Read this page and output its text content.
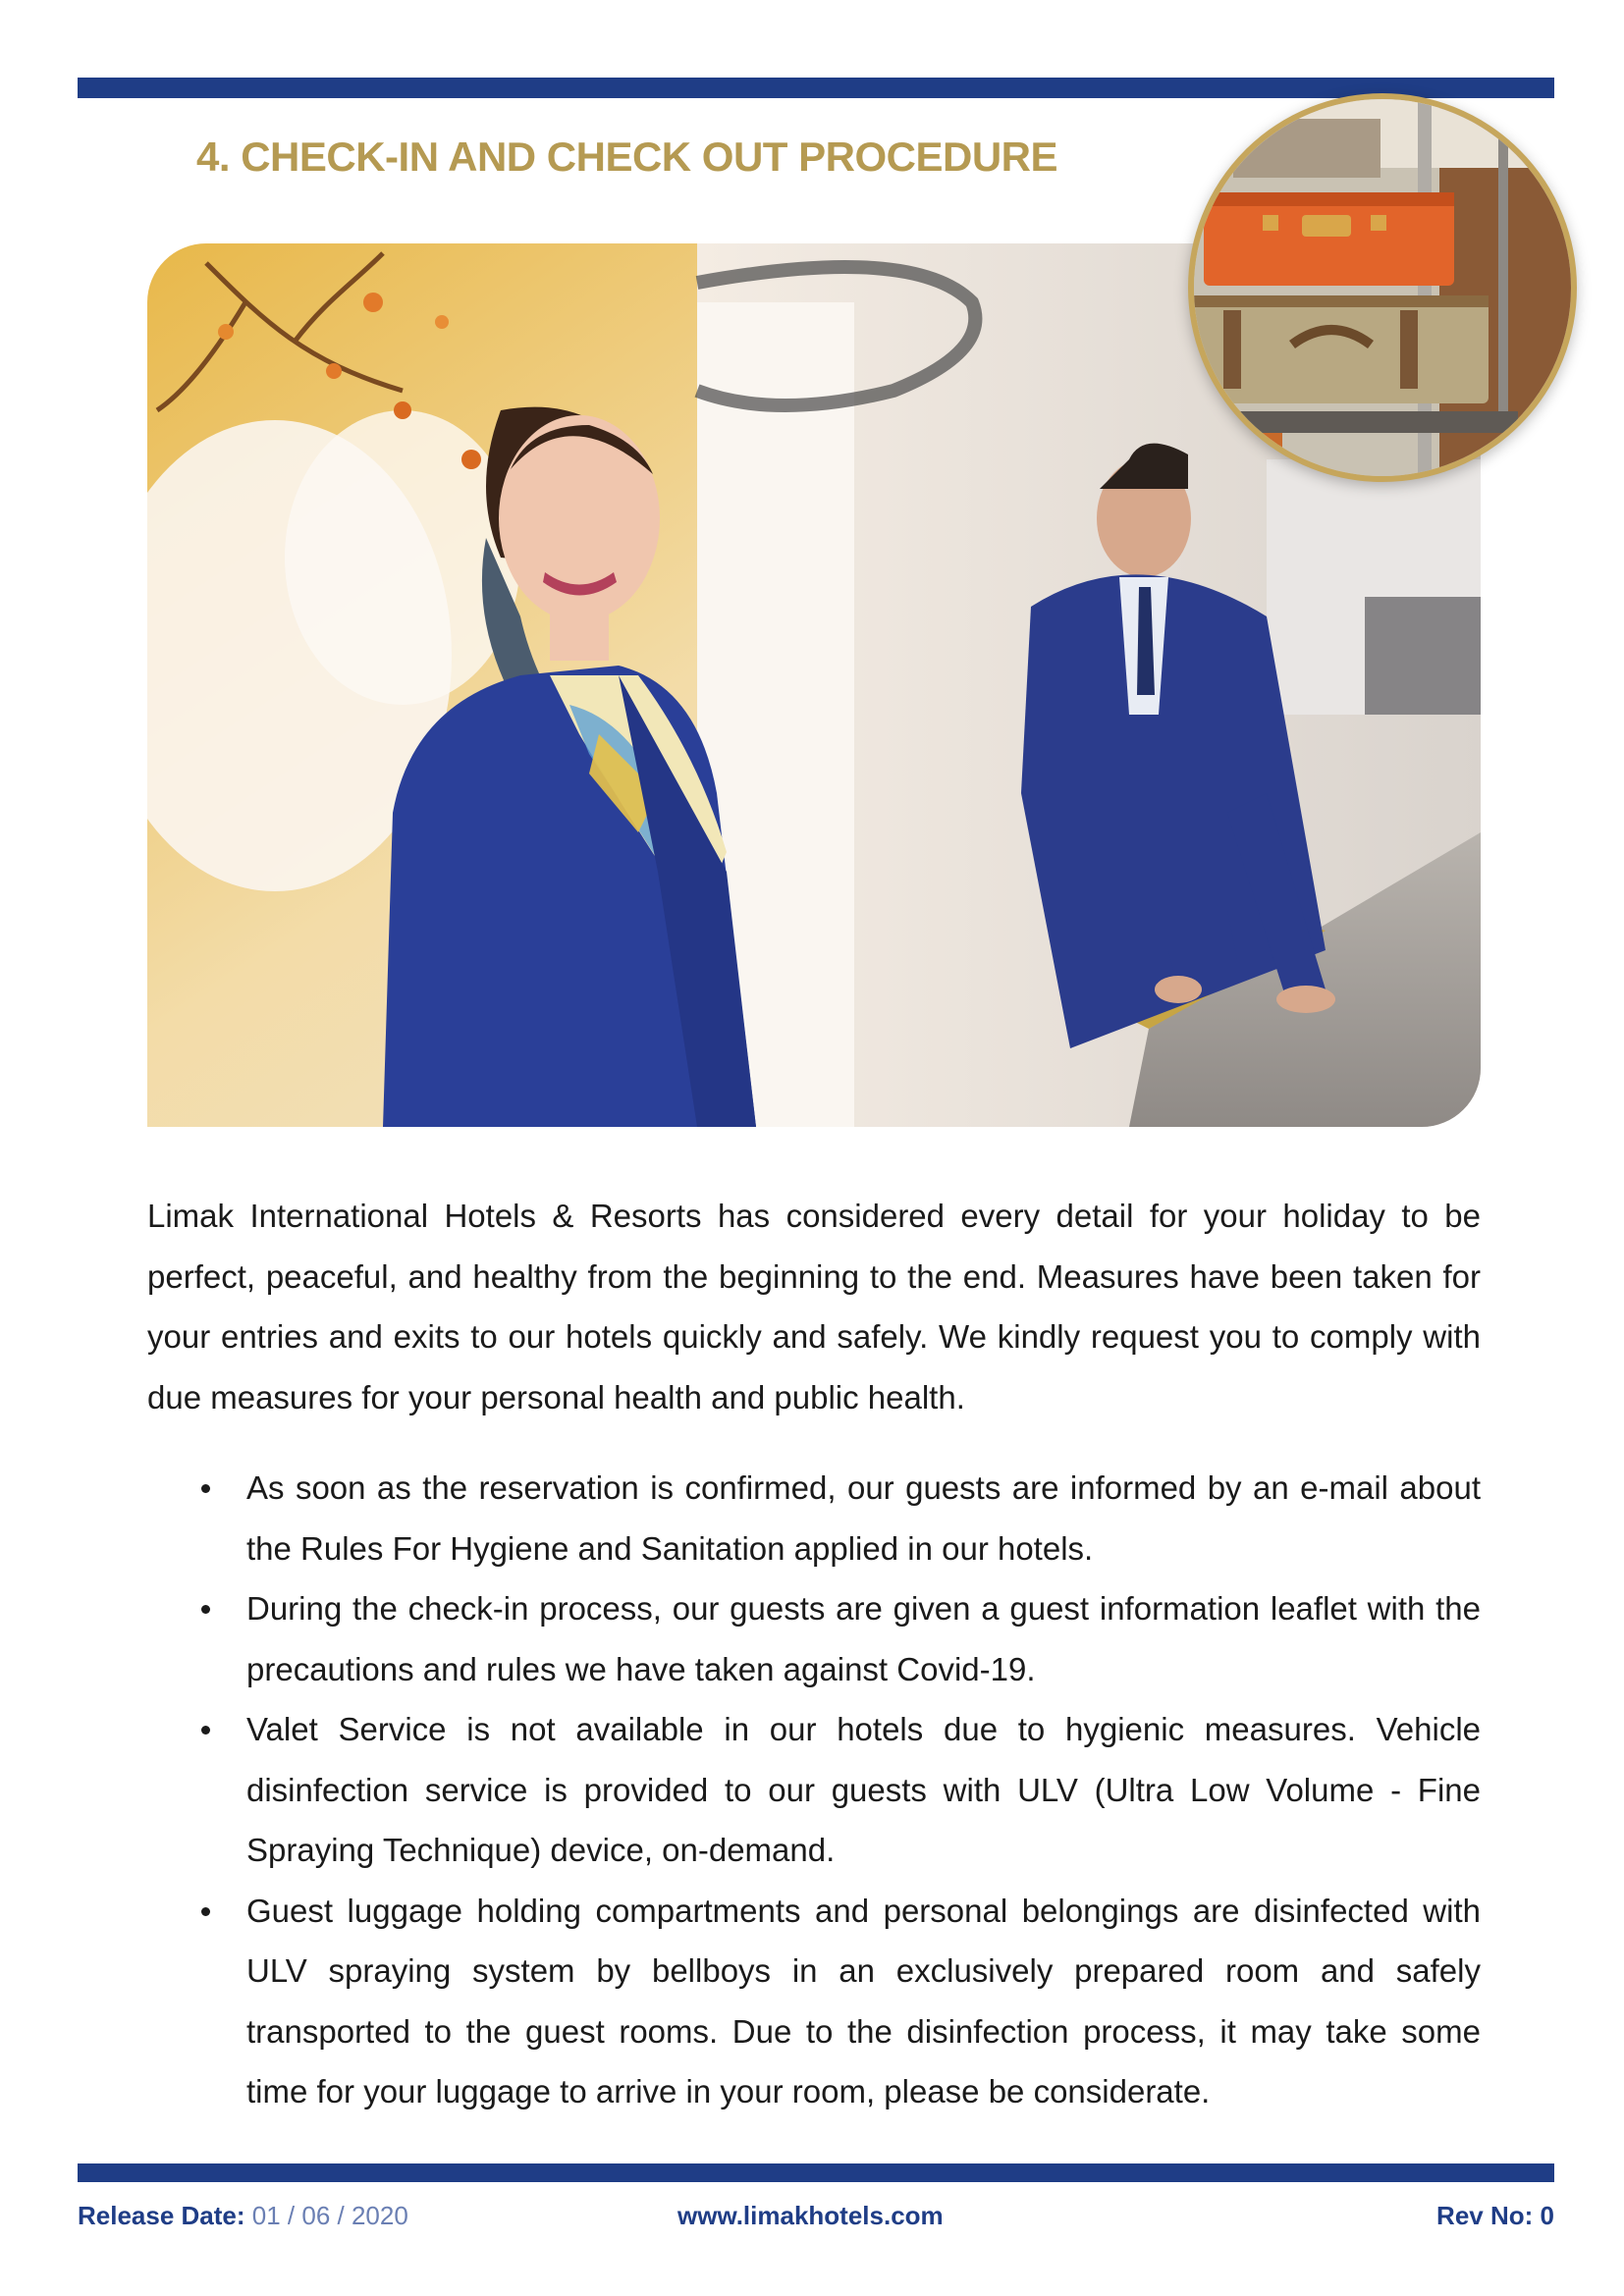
4. CHECK-IN AND CHECK OUT PROCEDURE

Limak International Hotels & Resorts has considered every detail for your holiday to be perfect, peaceful, and healthy from the beginning to the end. Measures have been taken for your entries and exits to our hotels quickly and safely. We kindly request you to comply with due measures for your personal health and public health.

As soon as the reservation is confirmed, our guests are informed by an e-mail about the Rules For Hygiene and Sanitation applied in our hotels.
During the check-in process, our guests are given a guest information leaflet with the precautions and rules we have taken against Covid-19.
Valet Service is not available in our hotels due to hygienic measures. Vehicle disinfection service is provided to our guests with ULV (Ultra Low Volume - Fine Spraying Technique) device, on-demand.
Guest luggage holding compartments and personal belongings are disinfected with ULV spraying system by bellboys in an exclusively prepared room and safely transported to the guest rooms. Due to the disinfection process, it may take some time for your luggage to arrive in your room, please be considerate.
Release Date: 01 / 06 / 2020	www.limakhotels.com	Rev No: 0
